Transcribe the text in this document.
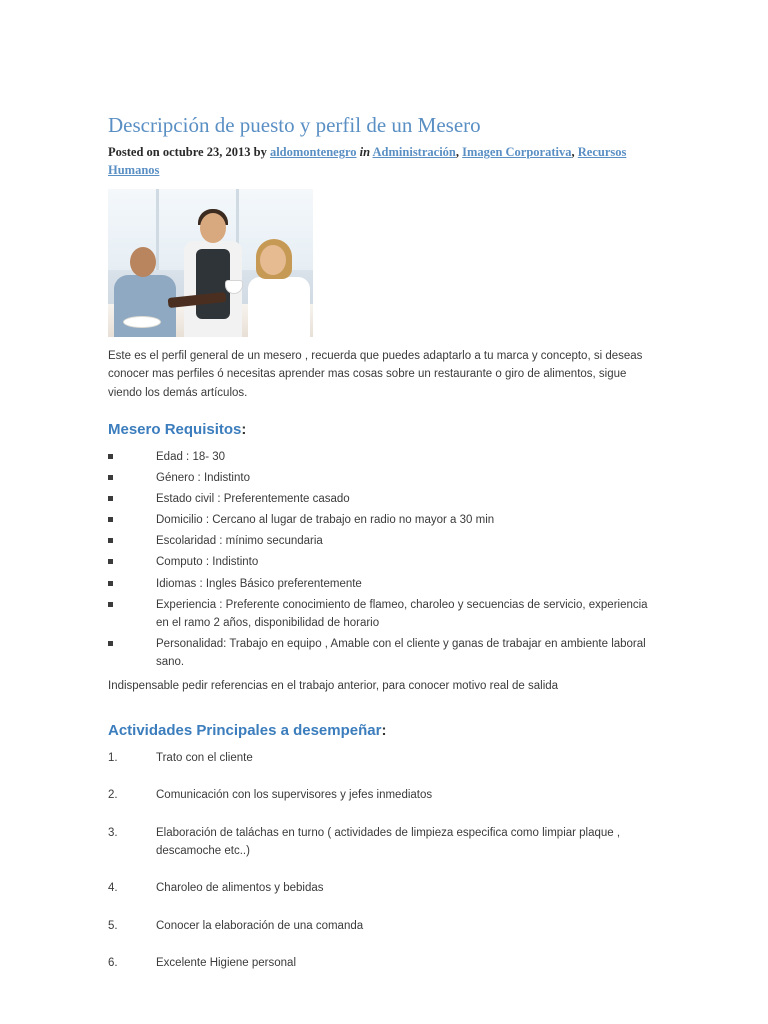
Descripción de puesto y perfil de un Mesero

Posted on octubre 23, 2013 by aldomontenegro in Administración, Imagen Corporativa, Recursos Humanos

Este es el perfil general de un mesero , recuerda que puedes adaptarlo a tu marca y concepto, si deseas conocer mas perfiles ó necesitas aprender mas cosas sobre un restaurante o giro de alimentos, sigue viendo los demás artículos.

Mesero Requisitos:
Edad : 18- 30
Género : Indistinto
Estado civil : Preferentemente casado
Domicilio : Cercano al lugar de trabajo en radio no mayor a 30 min
Escolaridad : mínimo secundaria
Computo : Indistinto
Idiomas : Ingles Básico preferentemente
Experiencia : Preferente conocimiento de flameo, charoleo y secuencias de servicio, experiencia en el ramo 2 años, disponibilidad de horario
Personalidad: Trabajo en equipo , Amable con el cliente y ganas de trabajar en ambiente laboral sano.

Indispensable pedir referencias en el trabajo anterior, para conocer motivo real de salida

Actividades Principales a desempeñar:
Trato con el cliente
Comunicación con los supervisores y jefes inmediatos
Elaboración de taláchas en turno ( actividades de limpieza especifica como limpiar plaque , descamoche etc..)
Charoleo de alimentos y bebidas
Conocer la elaboración de una comanda
Excelente Higiene personal
